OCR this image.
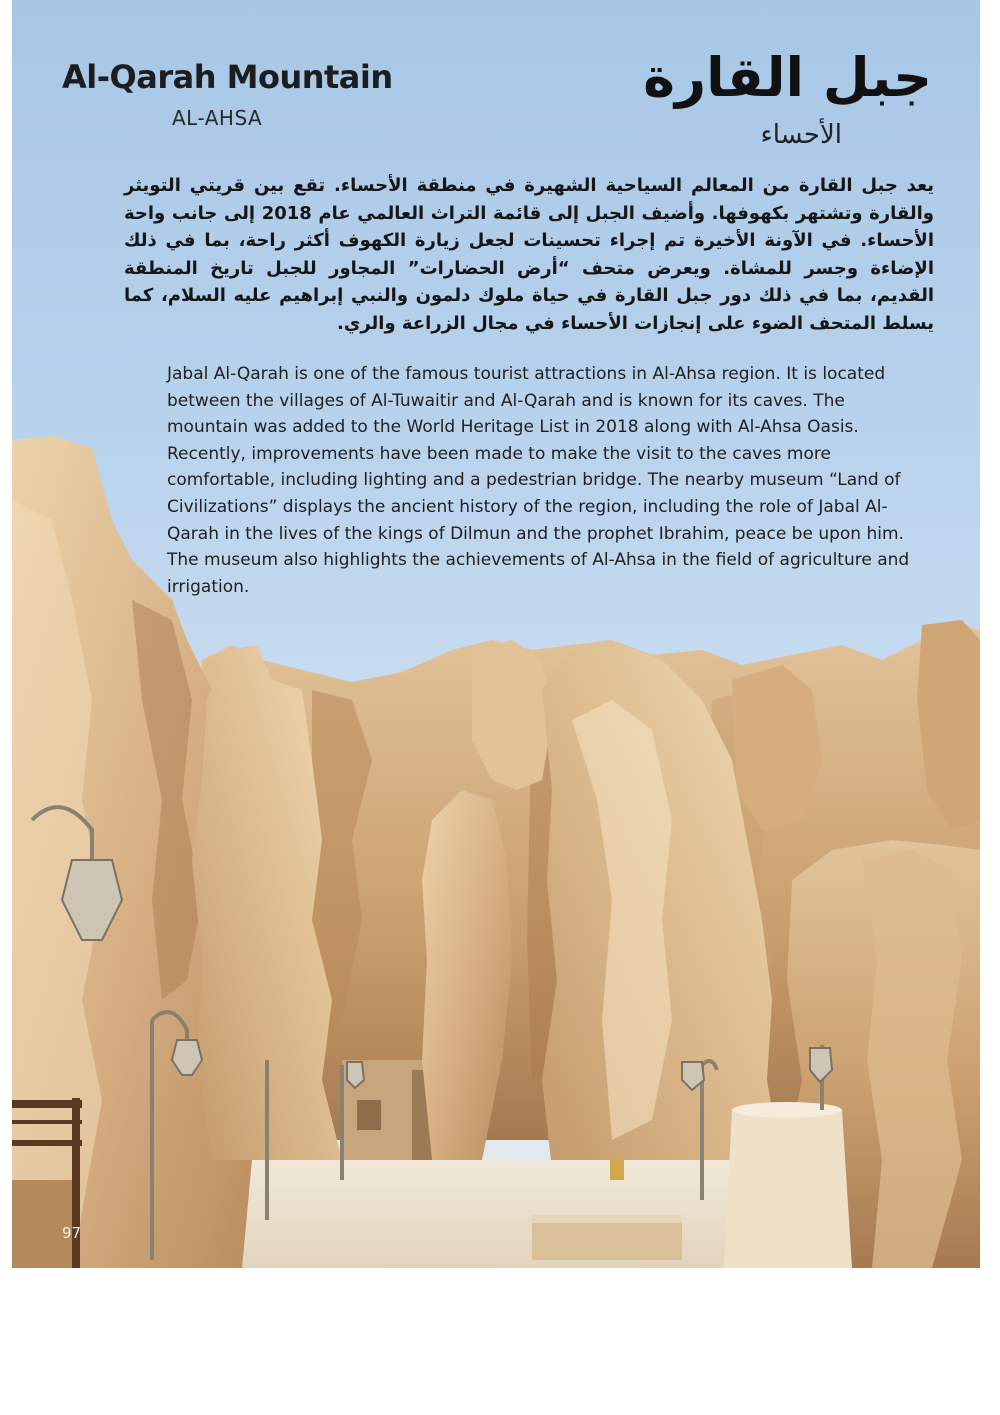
Al-Qarah Mountain

AL-AHSA

جبل القارة

الأحساء

يعد جبل القارة من المعالم السياحية الشهيرة في منطقة الأحساء. تقع بين قريتي التويثر والقارة وتشتهر بكهوفها. وأضيف الجبل إلى قائمة التراث العالمي عام 2018 إلى جانب واحة الأحساء. في الآونة الأخيرة تم إجراء تحسينات لجعل زيارة الكهوف أكثر راحة، بما في ذلك الإضاءة وجسر للمشاة. ويعرض متحف “أرض الحضارات” المجاور للجبل تاريخ المنطقة القديم، بما في ذلك دور جبل القارة في حياة ملوك دلمون والنبي إبراهيم عليه السلام، كما يسلط المتحف الضوء على إنجازات الأحساء في مجال الزراعة والري.

Jabal Al-Qarah is one of the famous tourist attractions in Al-Ahsa region. It is located between the villages of Al-Tuwaitir and Al-Qarah and is known for its caves. The mountain was added to the World Heritage List in 2018 along with Al-Ahsa Oasis. Recently, improvements have been made to make the visit to the caves more comfortable, including lighting and a pedestrian bridge. The nearby museum “Land of Civilizations” displays the ancient history of the region, including the role of Jabal Al-Qarah in the lives of the kings of Dilmun and the prophet Ibrahim, peace be upon him. The museum also highlights the achievements of Al-Ahsa in the field of agriculture and irrigation.

97
